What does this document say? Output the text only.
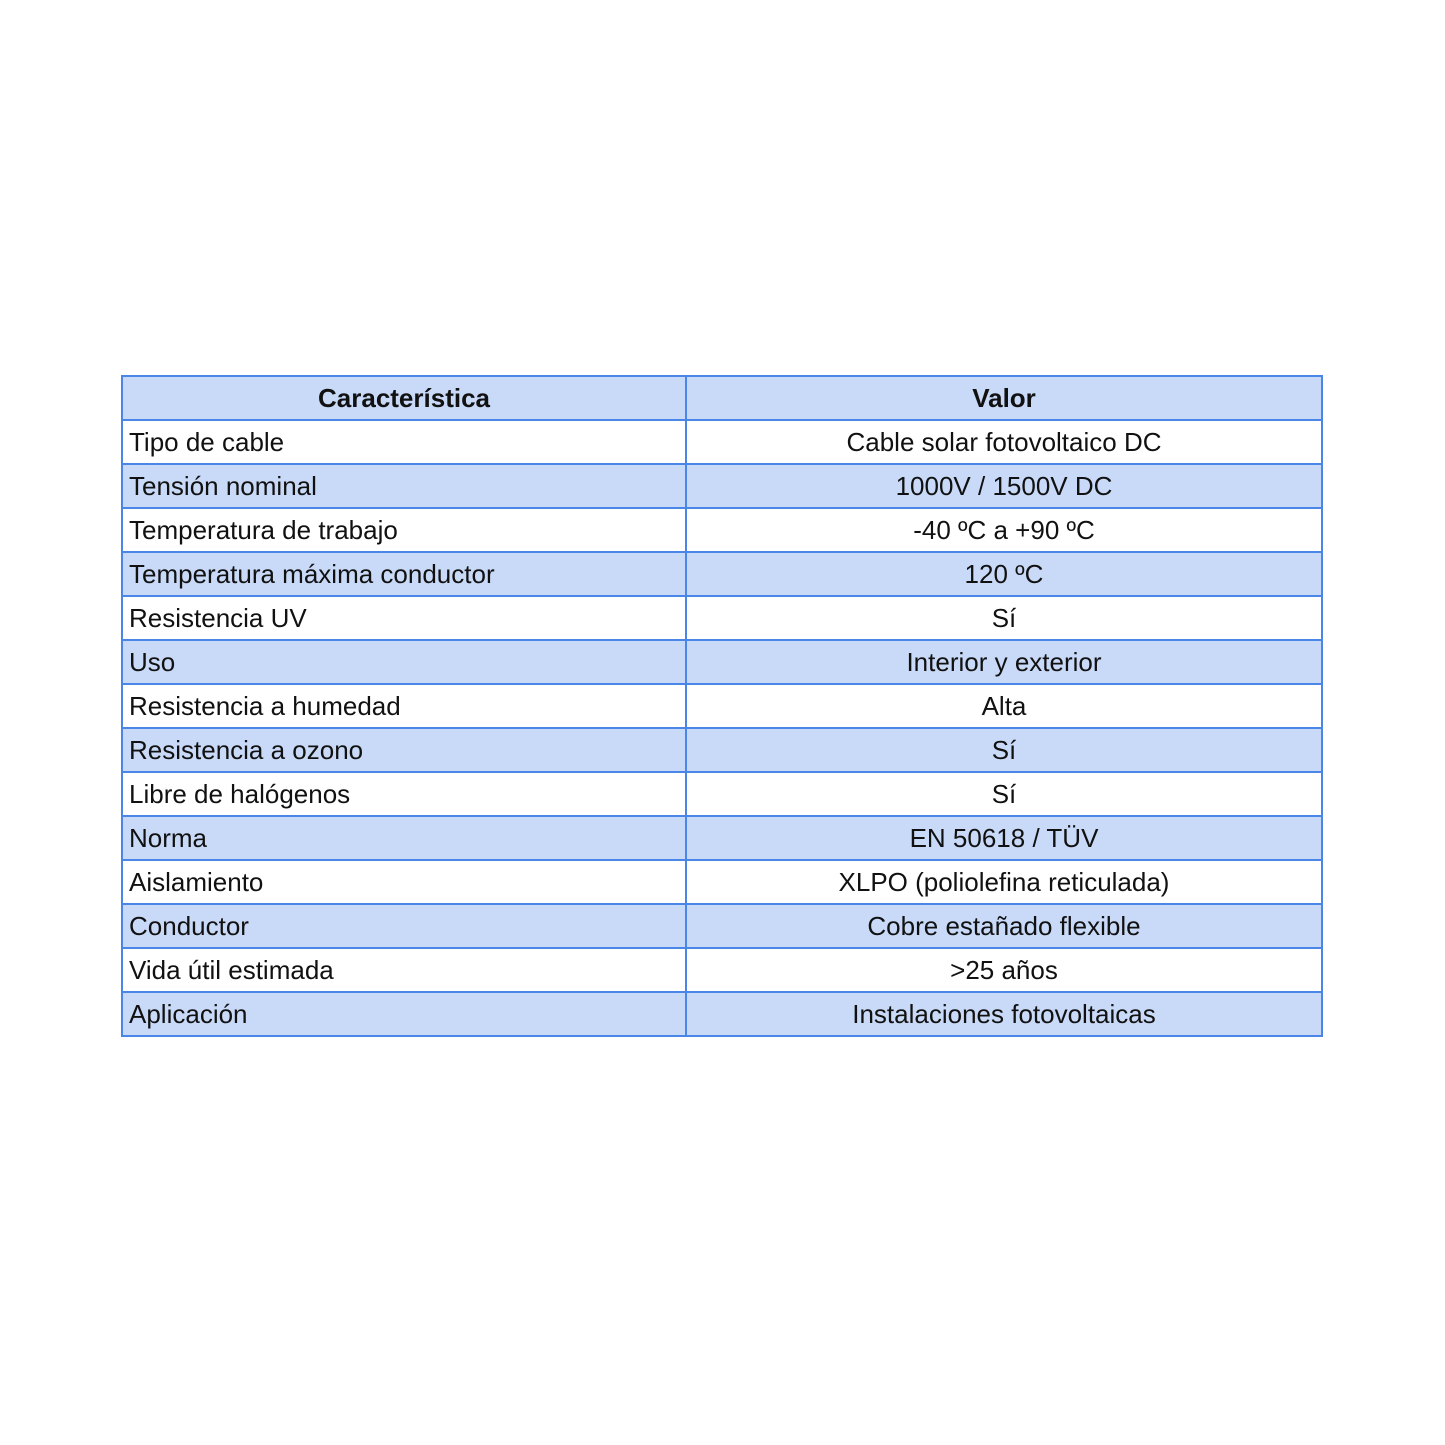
Característica	Valor
Tipo de cable	Cable solar fotovoltaico DC
Tensión nominal	1000V / 1500V DC
Temperatura de trabajo	-40 ºC a +90 ºC
Temperatura máxima conductor	120 ºC
Resistencia UV	Sí
Uso	Interior y exterior
Resistencia a humedad	Alta
Resistencia a ozono	Sí
Libre de halógenos	Sí
Norma	EN 50618 / TÜV
Aislamiento	XLPO (poliolefina reticulada)
Conductor	Cobre estañado flexible
Vida útil estimada	>25 años
Aplicación	Instalaciones fotovoltaicas
